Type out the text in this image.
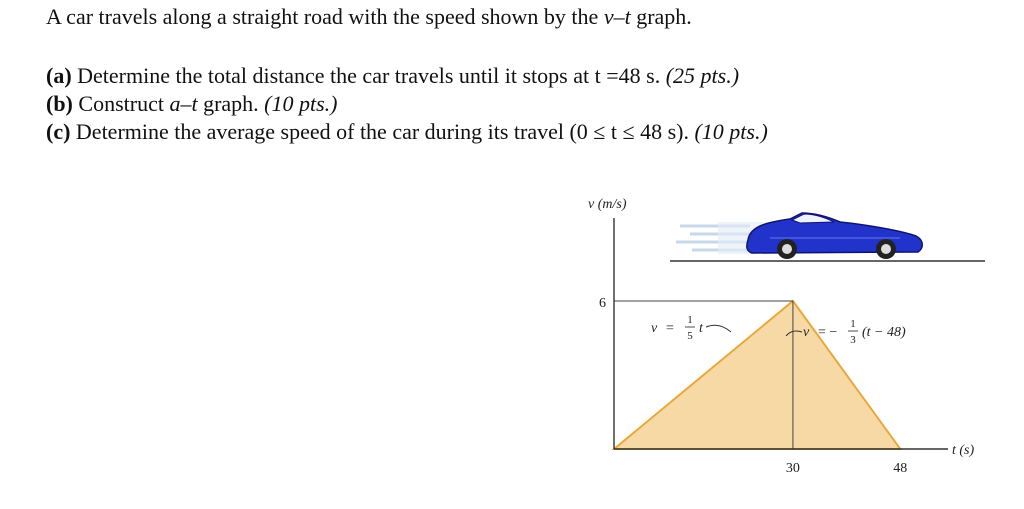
A car travels along a straight road with the speed shown by the v–t graph.
(a) Determine the total distance the car travels until it stops at t =48 s. (25 pts.)
(b) Construct a–t graph. (10 pts.)
(c) Determine the average speed of the car during its travel (0 ≤ t ≤ 48 s). (10 pts.)
v (m/s)
t (s)
6
30	48
v =
1
5 t	v = −
1
3 (t − 48)
